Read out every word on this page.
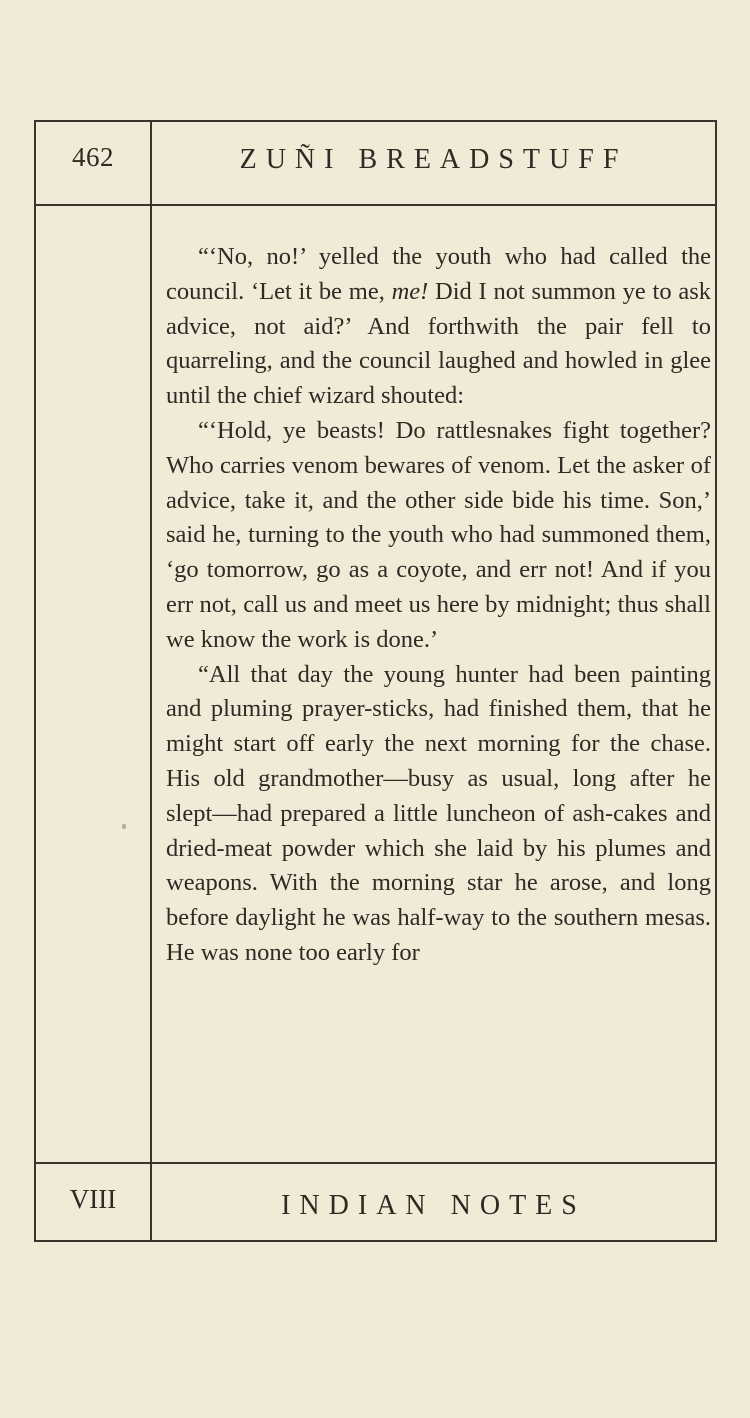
462	ZUÑI BREADSTUFF

“‘No, no!’ yelled the youth who had called the council. ‘Let it be me, me! Did I not summon ye to ask advice, not aid?’ And forthwith the pair fell to quarreling, and the council laughed and howled in glee until the chief wizard shouted:

“‘Hold, ye beasts! Do rattlesnakes fight together? Who carries venom bewares of venom. Let the asker of advice, take it, and the other side bide his time. Son,’ said he, turning to the youth who had summoned them, ‘go tomorrow, go as a coyote, and err not! And if you err not, call us and meet us here by midnight; thus shall we know the work is done.’

“All that day the young hunter had been painting and pluming prayer-sticks, had finished them, that he might start off early the next morning for the chase. His old grandmother—busy as usual, long after he slept—had prepared a little luncheon of ash-cakes and dried-meat powder which she laid by his plumes and weapons. With the morning star he arose, and long before daylight he was half-way to the southern mesas. He was none too early for

VIII	INDIAN NOTES
